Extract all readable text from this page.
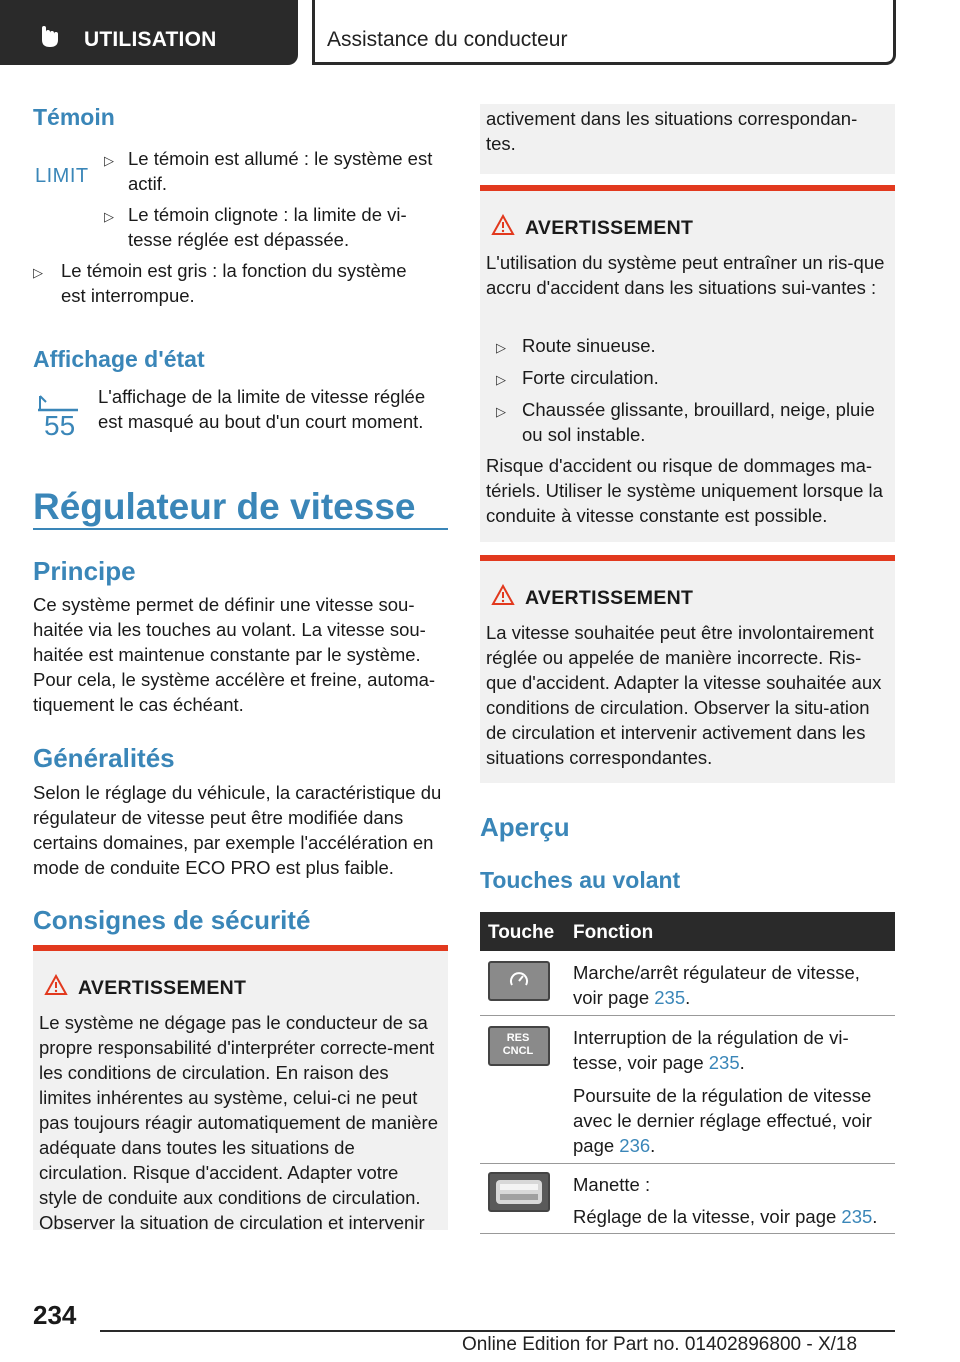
UTILISATION	Assistance du conducteur
Témoin
LIMIT
▷ Le témoin est allumé : le système est actif.
▷ Le témoin clignote : la limite de vi-tesse réglée est dépassée.
▷ Le témoin est gris : la fonction du système est interrompue.
Affichage d'état
55
L'affichage de la limite de vitesse réglée est masqué au bout d'un court moment.
Régulateur de vitesse
Principe
Ce système permet de définir une vitesse sou-haitée via les touches au volant. La vitesse sou-haitée est maintenue constante par le système. Pour cela, le système accélère et freine, automa-tiquement le cas échéant.
Généralités
Selon le réglage du véhicule, la caractéristique du régulateur de vitesse peut être modifiée dans certains domaines, par exemple l'accélération en mode de conduite ECO PRO est plus faible.
Consignes de sécurité
AVERTISSEMENT
Le système ne dégage pas le conducteur de sa propre responsabilité d'interpréter correcte-ment les conditions de circulation. En raison des limites inhérentes au système, celui-ci ne peut pas toujours réagir automatiquement de manière adéquate dans toutes les situations de circulation. Risque d'accident. Adapter votre style de conduite aux conditions de circulation. Observer la situation de circulation et intervenir
activement dans les situations correspondan-tes.
AVERTISSEMENT
L'utilisation du système peut entraîner un ris-que accru d'accident dans les situations sui-vantes :
▷ Route sinueuse.
▷ Forte circulation.
▷ Chaussée glissante, brouillard, neige, pluie ou sol instable.
Risque d'accident ou risque de dommages ma-tériels. Utiliser le système uniquement lorsque la conduite à vitesse constante est possible.
AVERTISSEMENT
La vitesse souhaitée peut être involontairement réglée ou appelée de manière incorrecte. Ris-que d'accident. Adapter la vitesse souhaitée aux conditions de circulation. Observer la situ-ation de circulation et intervenir activement dans les situations correspondantes.
Aperçu
Touches au volant
Touche Fonction
Marche/arrêt régulateur de vitesse, voir page 235.
RES CNCL
Interruption de la régulation de vi-tesse, voir page 235.
Poursuite de la régulation de vitesse avec le dernier réglage effectué, voir page 236.
Manette :
Réglage de la vitesse, voir page 235.
234
Online Edition for Part no. 01402896800 - X/18
